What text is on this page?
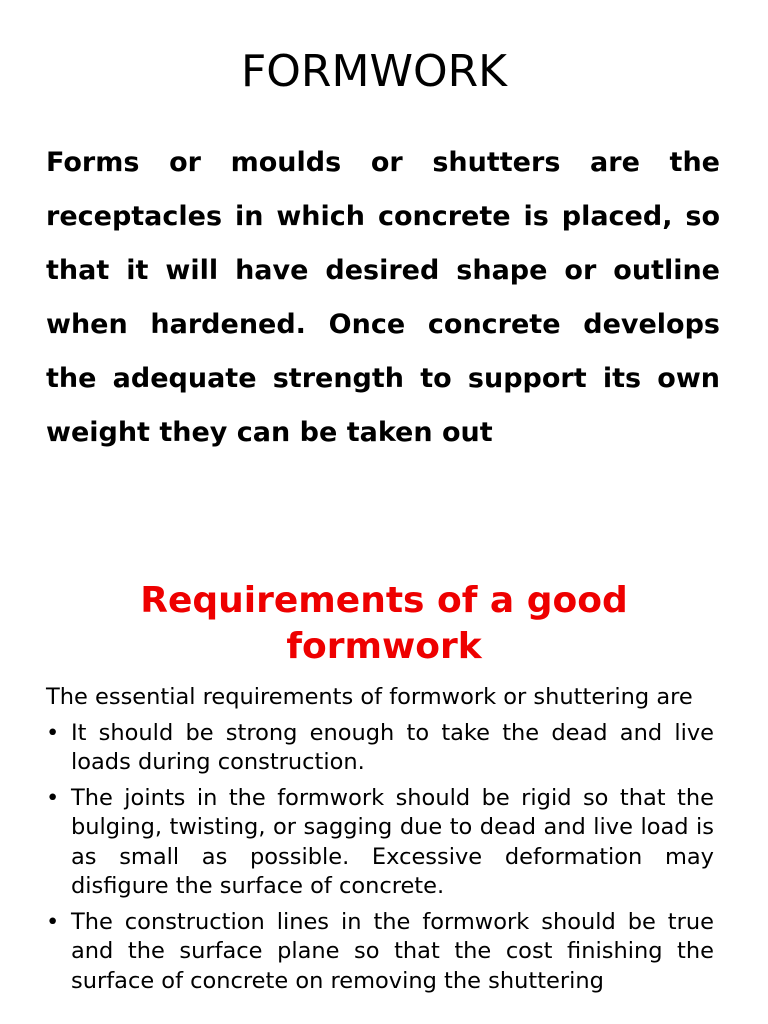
FORMWORK

Forms or moulds or shutters are the receptacles in which concrete is placed, so that it will have desired shape or outline when hardened. Once concrete develops the adequate strength to support its own weight they can be taken out

Requirements of a good
formwork

The essential requirements of formwork or shuttering are

• It should be strong enough to take the dead and live loads during construction.
• The joints in the formwork should be rigid so that the bulging, twisting, or sagging due to dead and live load is as small as possible. Excessive deformation may disfigure the surface of concrete.
• The construction lines in the formwork should be true and the surface plane so that the cost finishing the surface of concrete on removing the shuttering
